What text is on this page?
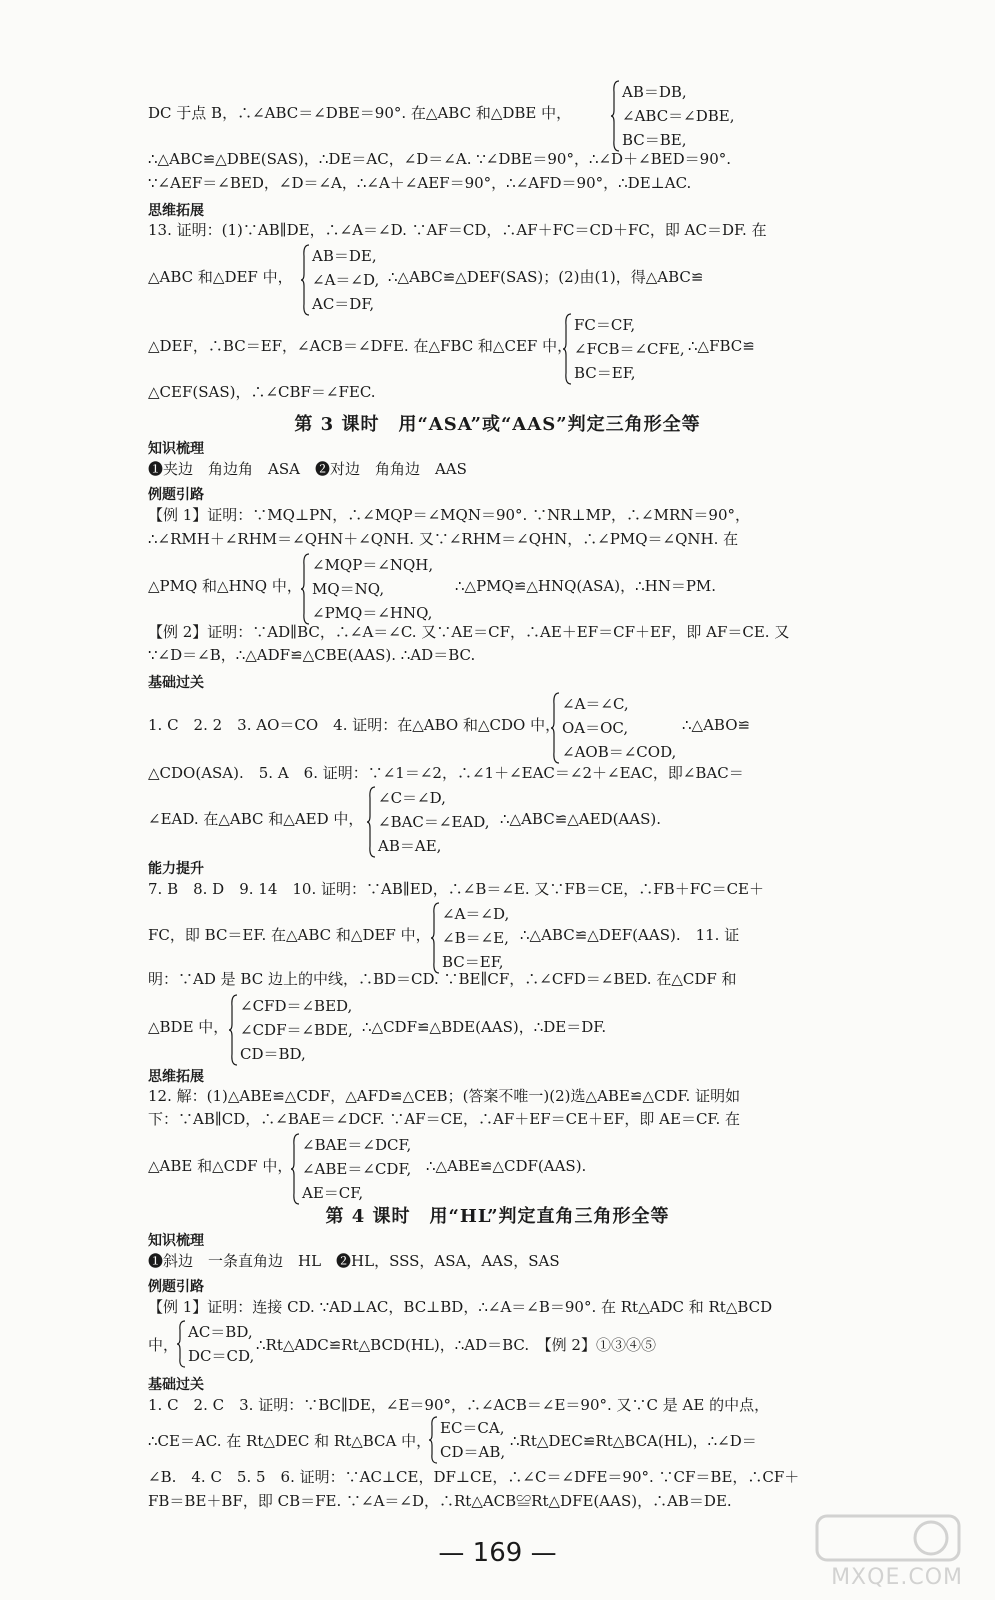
DC 于点 B，∴∠ABC＝∠DBE＝90°. 在△ABC 和△DBE 中，
AB＝DB,
∠ABC＝∠DBE,
BC＝BE,
∴△ABC≌△DBE(SAS)，∴DE＝AC，∠D＝∠A. ∵∠DBE＝90°，∴∠D＋∠BED＝90°.
∵∠AEF＝∠BED，∠D＝∠A，∴∠A＋∠AEF＝90°，∴∠AFD＝90°，∴DE⊥AC.
思维拓展
13. 证明：(1)∵AB∥DE，∴∠A＝∠D. ∵AF＝CD，∴AF＋FC＝CD＋FC，即 AC＝DF. 在
△ABC 和△DEF 中，
AB＝DE,
∠A＝∠D,
AC＝DF,
∴△ABC≌△DEF(SAS)；(2)由(1)，得△ABC≌
△DEF，∴BC＝EF，∠ACB＝∠DFE. 在△FBC 和△CEF 中，
FC＝CF,
∠FCB＝∠CFE,
BC＝EF,
∴△FBC≌
△CEF(SAS)，∴∠CBF＝∠FEC.
第 3 课时　用“ASA”或“AAS”判定三角形全等
知识梳理
❶夹边　角边角　ASA　❷对边　角角边　AAS
例题引路
【例 1】证明：∵MQ⊥PN，∴∠MQP＝∠MQN＝90°. ∵NR⊥MP，∴∠MRN＝90°，
∴∠RMH＋∠RHM＝∠QHN＋∠QNH. 又∵∠RHM＝∠QHN，∴∠PMQ＝∠QNH. 在
△PMQ 和△HNQ 中，
∠MQP＝∠NQH,
MQ＝NQ,
∠PMQ＝∠HNQ,
∴△PMQ≌△HNQ(ASA)，∴HN＝PM.
【例 2】证明：∵AD∥BC，∴∠A＝∠C. 又∵AE＝CF，∴AE＋EF＝CF＋EF，即 AF＝CE. 又
∵∠D＝∠B，∴△ADF≌△CBE(AAS). ∴AD＝BC.
基础过关
1. C　2. 2　3. AO＝CO　4. 证明：在△ABO 和△CDO 中，
∠A＝∠C,
OA＝OC,
∠AOB＝∠COD,
∴△ABO≌
△CDO(ASA).　5. A　6. 证明：∵∠1＝∠2，∴∠1＋∠EAC＝∠2＋∠EAC，即∠BAC＝
∠EAD. 在△ABC 和△AED 中，
∠C＝∠D,
∠BAC＝∠EAD,
AB＝AE,
∴△ABC≌△AED(AAS).
能力提升
7. B　8. D　9. 14　10. 证明：∵AB∥ED，∴∠B＝∠E. 又∵FB＝CE，∴FB＋FC＝CE＋
FC，即 BC＝EF. 在△ABC 和△DEF 中，
∠A＝∠D,
∠B＝∠E,
BC＝EF,
∴△ABC≌△DEF(AAS).　11. 证
明：∵AD 是 BC 边上的中线，∴BD＝CD. ∵BE∥CF，∴∠CFD＝∠BED. 在△CDF 和
△BDE 中，
∠CFD＝∠BED,
∠CDF＝∠BDE,
CD＝BD,
∴△CDF≌△BDE(AAS)，∴DE＝DF.
思维拓展
12. 解：(1)△ABE≌△CDF，△AFD≌△CEB；(答案不唯一)(2)选△ABE≌△CDF. 证明如
下：∵AB∥CD，∴∠BAE＝∠DCF. ∵AF＝CE，∴AF＋EF＝CE＋EF，即 AE＝CF. 在
△ABE 和△CDF 中，
∠BAE＝∠DCF,
∠ABE＝∠CDF,
AE＝CF,
∴△ABE≌△CDF(AAS).
第 4 课时　用“HL”判定直角三角形全等
知识梳理
❶斜边　一条直角边　HL　❷HL，SSS，ASA，AAS，SAS
例题引路
【例 1】证明：连接 CD. ∵AD⊥AC，BC⊥BD，∴∠A＝∠B＝90°. 在 Rt△ADC 和 Rt△BCD
中，
AC＝BD,
DC＝CD,
∴Rt△ADC≌Rt△BCD(HL)，∴AD＝BC.　【例 2】①③④⑤
基础过关
1. C　2. C　3. 证明：∵BC∥DE，∠E＝90°，∴∠ACB＝∠E＝90°. 又∵C 是 AE 的中点，
∴CE＝AC. 在 Rt△DEC 和 Rt△BCA 中，
EC＝CA,
CD＝AB,
∴Rt△DEC≌Rt△BCA(HL)，∴∠D＝
∠B.　4. C　5. 5　6. 证明：∵AC⊥CE，DF⊥CE，∴∠C＝∠DFE＝90°. ∵CF＝BE，∴CF＋
FB＝BE＋BF，即 CB＝FE. ∵∠A＝∠D，∴Rt△ACB≌Rt△DFE(AAS)，∴AB＝DE.
— 169 —
MXQE.COM
